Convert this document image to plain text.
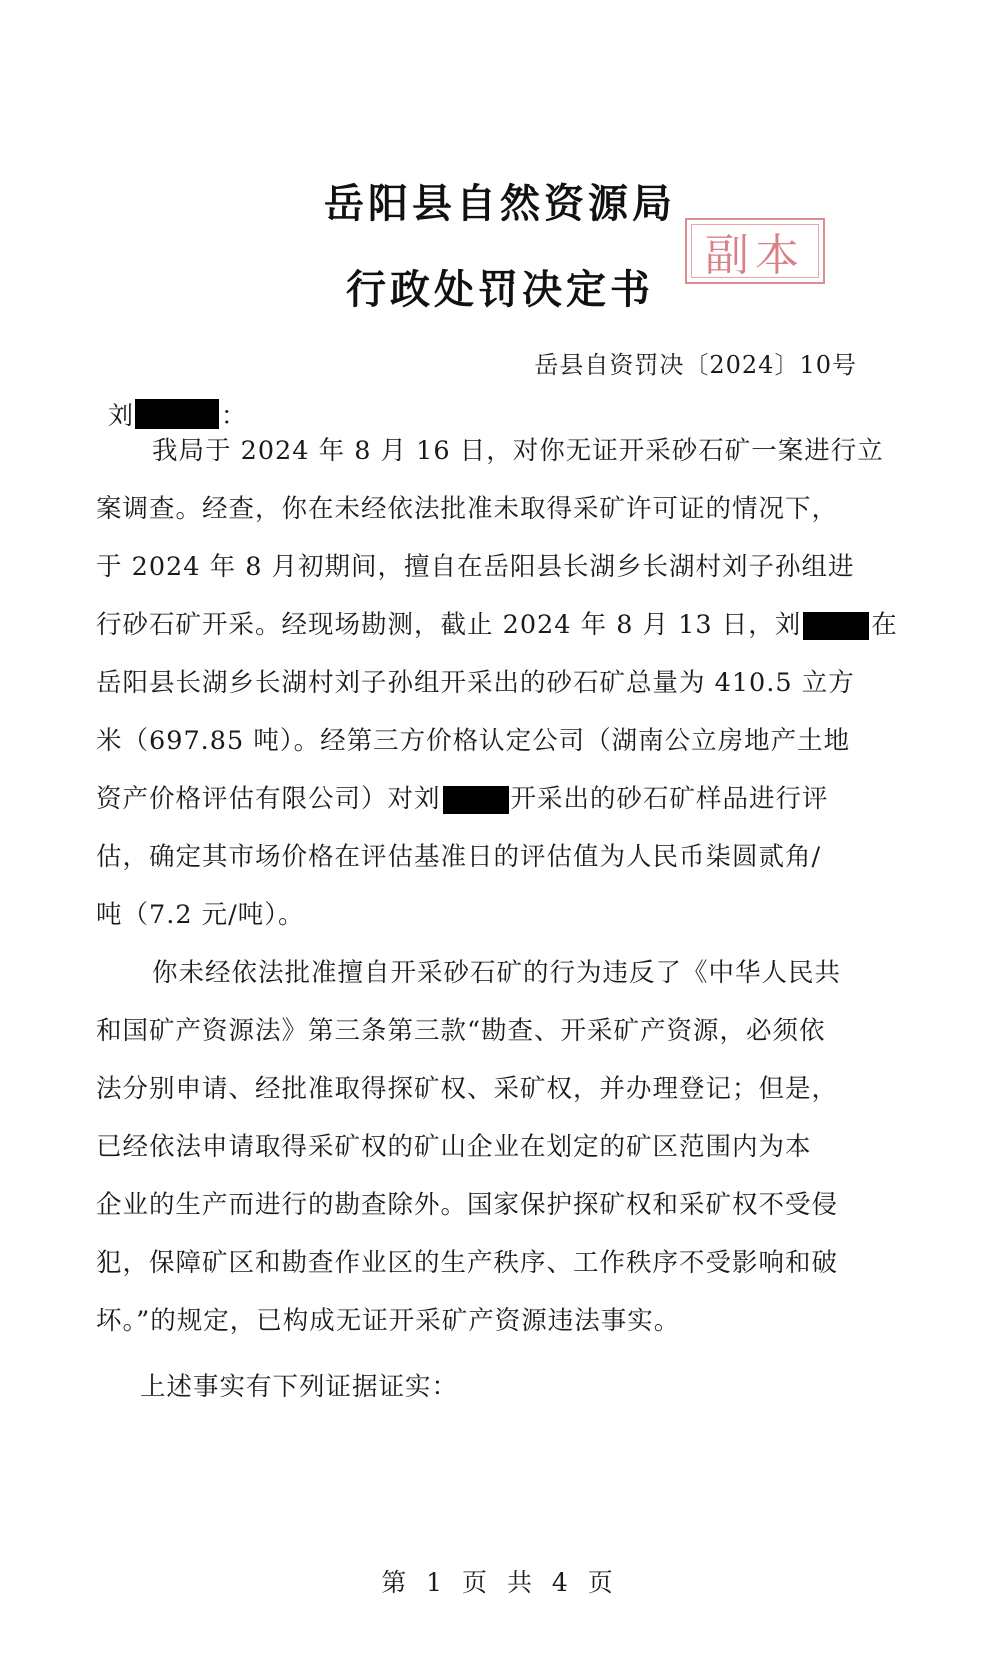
岳阳县自然资源局
行政处罚决定书
副本
岳县自资罚决〔2024〕10号
刘	：
我局于 2024 年 8 月 16 日，对你无证开采砂石矿一案进行立
案调查。经查，你在未经依法批准未取得采矿许可证的情况下，
于 2024 年 8 月初期间，擅自在岳阳县长湖乡长湖村刘子孙组进
行砂石矿开采。经现场勘测，截止 2024 年 8 月 13 日，刘	在
岳阳县长湖乡长湖村刘子孙组开采出的砂石矿总量为 410.5 立方
米（697.85 吨）。经第三方价格认定公司（湖南公立房地产土地
资产价格评估有限公司）对刘	开采出的砂石矿样品进行评
估，确定其市场价格在评估基准日的评估值为人民币柒圆贰角/
吨（7.2 元/吨）。
你未经依法批准擅自开采砂石矿的行为违反了《中华人民共
和国矿产资源法》第三条第三款“勘查、开采矿产资源，必须依
法分别申请、经批准取得探矿权、采矿权，并办理登记；但是，
已经依法申请取得采矿权的矿山企业在划定的矿区范围内为本
企业的生产而进行的勘查除外。国家保护探矿权和采矿权不受侵
犯，保障矿区和勘查作业区的生产秩序、工作秩序不受影响和破
坏。”的规定，已构成无证开采矿产资源违法事实。
上述事实有下列证据证实：
第 1 页 共 4 页
